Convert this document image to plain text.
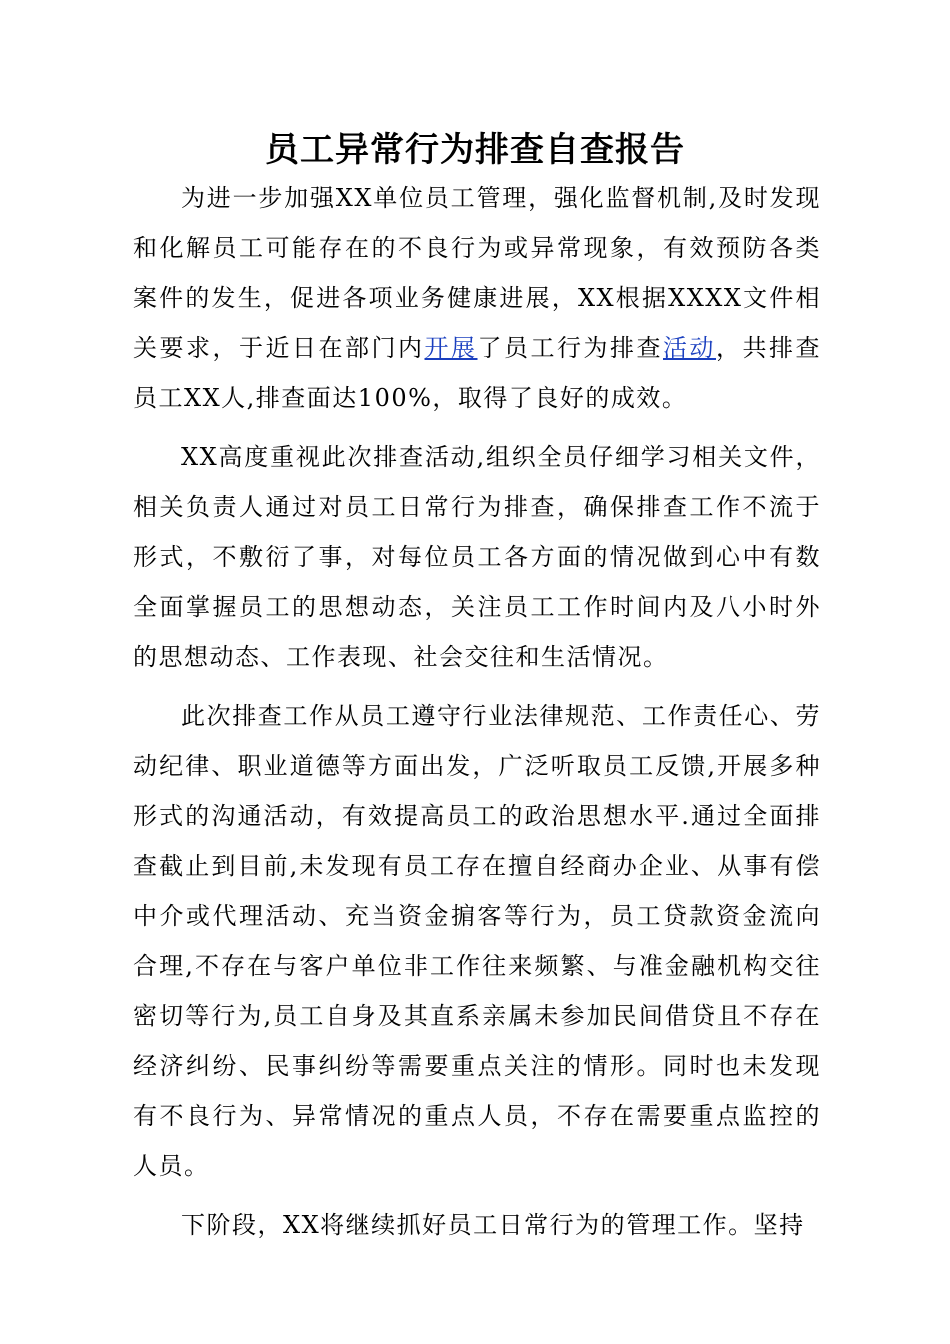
员工异常行为排查自查报告

为进一步加强XX单位员工管理，强化监督机制,及时发现和化解员工可能存在的不良行为或异常现象，有效预防各类案件的发生，促进各项业务健康进展，XX根据XXXX文件相关要求，于近日在部门内开展了员工行为排查活动，共排查员工XX人,排查面达100%，取得了良好的成效。

XX高度重视此次排查活动,组织全员仔细学习相关文件，相关负责人通过对员工日常行为排查，确保排查工作不流于形式，不敷衍了事，对每位员工各方面的情况做到心中有数全面掌握员工的思想动态，关注员工工作时间内及八小时外的思想动态、工作表现、社会交往和生活情况。

此次排查工作从员工遵守行业法律规范、工作责任心、劳动纪律、职业道德等方面出发，广泛听取员工反馈,开展多种形式的沟通活动，有效提高员工的政治思想水平.通过全面排查截止到目前,未发现有员工存在擅自经商办企业、从事有偿中介或代理活动、充当资金掮客等行为，员工贷款资金流向合理,不存在与客户单位非工作往来频繁、与准金融机构交往密切等行为,员工自身及其直系亲属未参加民间借贷且不存在经济纠纷、民事纠纷等需要重点关注的情形。同时也未发现有不良行为、异常情况的重点人员，不存在需要重点监控的人员。

下阶段，XX将继续抓好员工日常行为的管理工作。坚持
